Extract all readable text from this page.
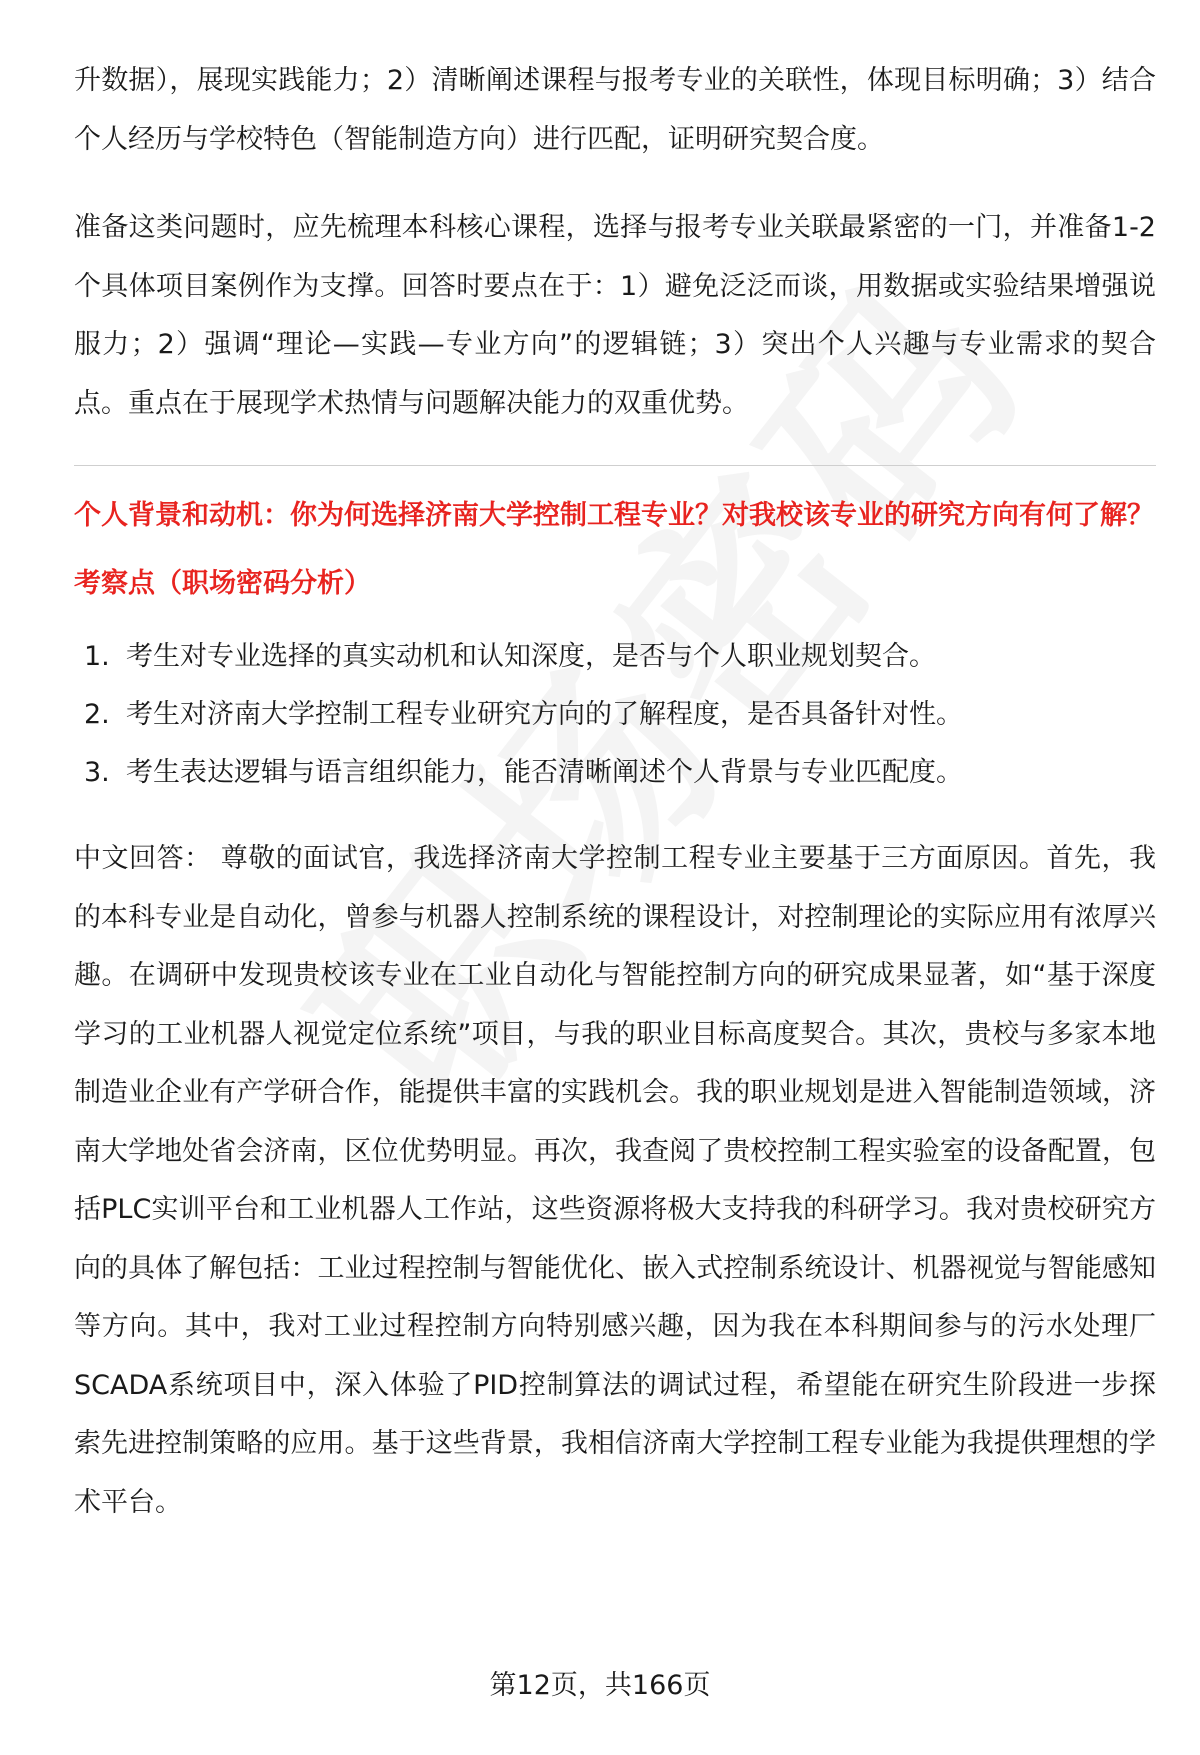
升数据），展现实践能力；2）清晰阐述课程与报考专业的关联性，体现目标明确；3）结合个人经历与学校特色（智能制造方向）进行匹配，证明研究契合度。

准备这类问题时，应先梳理本科核心课程，选择与报考专业关联最紧密的一门，并准备1-2个具体项目案例作为支撑。回答时要点在于：1）避免泛泛而谈，用数据或实验结果增强说服力；2）强调“理论—实践—专业方向”的逻辑链；3）突出个人兴趣与专业需求的契合点。重点在于展现学术热情与问题解决能力的双重优势。

个人背景和动机：你为何选择济南大学控制工程专业？对我校该专业的研究方向有何了解？

考察点（职场密码分析）

1. 考生对专业选择的真实动机和认知深度，是否与个人职业规划契合。
2. 考生对济南大学控制工程专业研究方向的了解程度，是否具备针对性。
3. 考生表达逻辑与语言组织能力，能否清晰阐述个人背景与专业匹配度。

中文回答： 尊敬的面试官，我选择济南大学控制工程专业主要基于三方面原因。首先，我的本科专业是自动化，曾参与机器人控制系统的课程设计，对控制理论的实际应用有浓厚兴趣。在调研中发现贵校该专业在工业自动化与智能控制方向的研究成果显著，如“基于深度学习的工业机器人视觉定位系统”项目，与我的职业目标高度契合。其次，贵校与多家本地制造业企业有产学研合作，能提供丰富的实践机会。我的职业规划是进入智能制造领域，济南大学地处省会济南，区位优势明显。再次，我查阅了贵校控制工程实验室的设备配置，包括PLC实训平台和工业机器人工作站，这些资源将极大支持我的科研学习。我对贵校研究方向的具体了解包括：工业过程控制与智能优化、嵌入式控制系统设计、机器视觉与智能感知等方向。其中，我对工业过程控制方向特别感兴趣，因为我在本科期间参与的污水处理厂SCADA系统项目中，深入体验了PID控制算法的调试过程，希望能在研究生阶段进一步探索先进控制策略的应用。基于这些背景，我相信济南大学控制工程专业能为我提供理想的学术平台。

第12页，共166页
